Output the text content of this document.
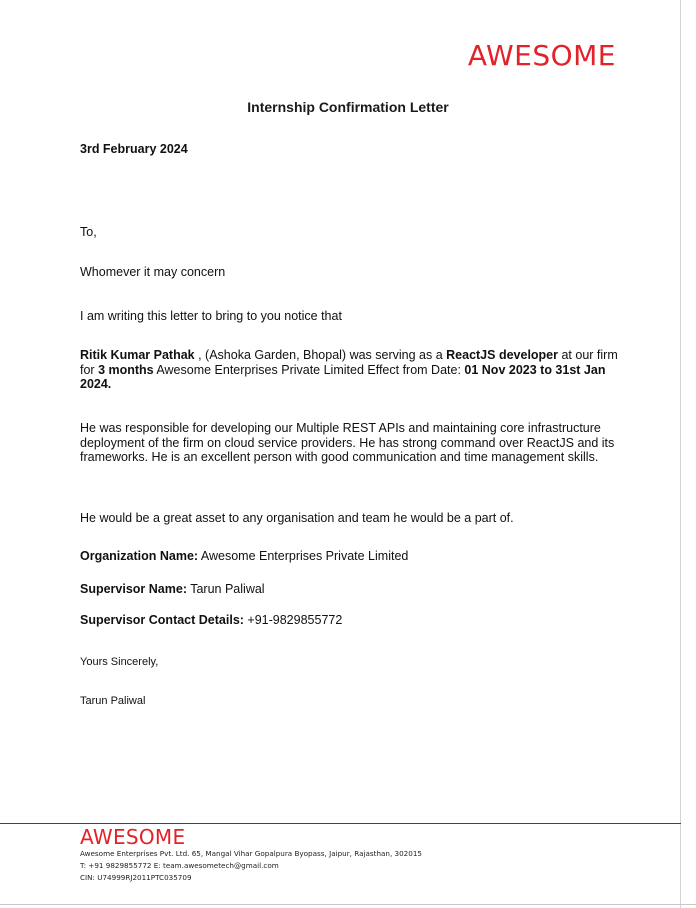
AWESOME
Internship Confirmation Letter
3rd February 2024
To,
Whomever it may concern
I am writing this letter to bring to you notice that
Ritik Kumar Pathak , (Ashoka Garden, Bhopal) was serving as a ReactJS developer at our firm for 3 months Awesome Enterprises Private Limited Effect from Date: 01 Nov 2023 to 31st Jan 2024.
He was responsible for developing our Multiple REST APIs and maintaining core infrastructure deployment of the firm on cloud service providers. He has strong command over ReactJS and its frameworks. He is an excellent person with good communication and time management skills.
He would be a great asset to any organisation and team he would be a part of.
Organization Name: Awesome Enterprises Private Limited
Supervisor Name: Tarun Paliwal
Supervisor Contact Details: +91-9829855772
Yours Sincerely,
Tarun Paliwal
AWESOME
Awesome Enterprises Pvt. Ltd. 65, Mangal Vihar Gopalpura Byopass, Jaipur, Rajasthan, 302015
T: +91 9829855772 E: team.awesometech@gmail.com
CIN: U74999RJ2011PTC035709
